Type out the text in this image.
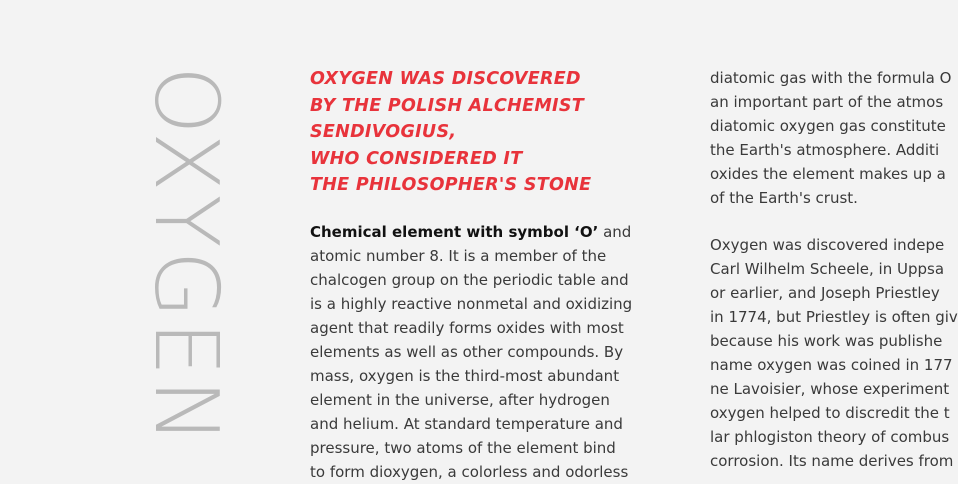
OXYGEN	OXYGEN WAS DISCOVERED
BY THE POLISH ALCHEMIST
SENDIVOGIUS,
WHO CONSIDERED IT
THE PHILOSOPHER'S STONE
Chemical element with symbol ‘O’ and
atomic number 8. It is a member of the
chalcogen group on the periodic table and
is a highly reactive nonmetal and oxidizing
agent that readily forms oxides with most
elements as well as other compounds. By
mass, oxygen is the third-most abundant
element in the universe, after hydrogen
and helium. At standard temperature and
pressure, two atoms of the element bind
to form dioxygen, a colorless and odorless
diatomic gas with the formula O
an important part of the atmos
diatomic oxygen gas constitute
the Earth's atmosphere. Additi
oxides the element makes up a
of the Earth's crust.
Oxygen was discovered indepe
Carl Wilhelm Scheele, in Uppsa
or earlier, and Joseph Priestley
in 1774, but Priestley is often giv
because his work was publishe
name oxygen was coined in 177
ne Lavoisier, whose experiment
oxygen helped to discredit the t
lar phlogiston theory of combus
corrosion. Its name derives from
